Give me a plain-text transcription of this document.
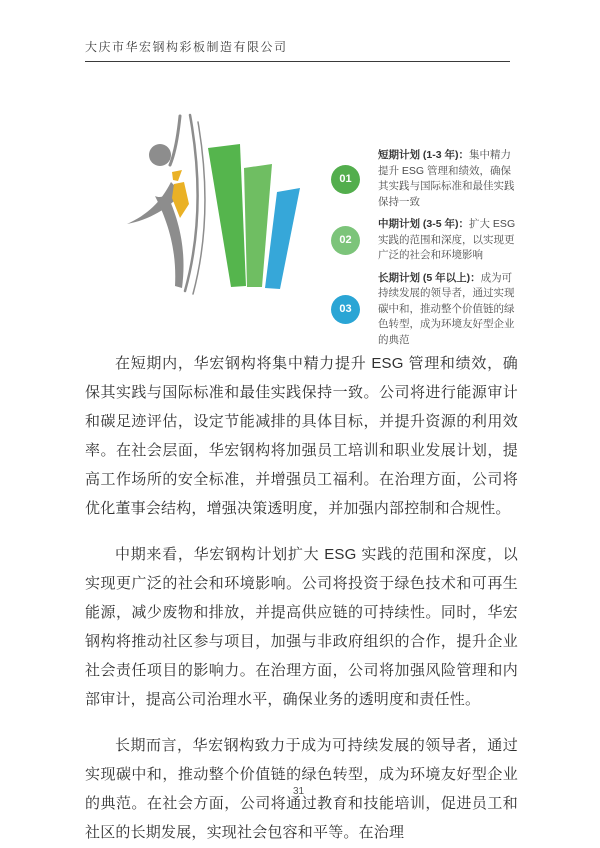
大庆市华宏钢构彩板制造有限公司
01

短期计划 (1-3 年)：集中精力提升 ESG 管理和绩效，确保其实践与国际标准和最佳实践保持一致

02

中期计划 (3-5 年)：扩大 ESG 实践的范围和深度，以实现更广泛的社会和环境影响

03

长期计划 (5 年以上)：成为可持续发展的领导者，通过实现碳中和，推动整个价值链的绿色转型，成为环境友好型企业的典范

在短期内，华宏钢构将集中精力提升 ESG 管理和绩效，确保其实践与国际标准和最佳实践保持一致。公司将进行能源审计和碳足迹评估，设定节能减排的具体目标，并提升资源的利用效率。在社会层面，华宏钢构将加强员工培训和职业发展计划，提高工作场所的安全标准，并增强员工福利。在治理方面，公司将优化董事会结构，增强决策透明度，并加强内部控制和合规性。

中期来看，华宏钢构计划扩大 ESG 实践的范围和深度，以实现更广泛的社会和环境影响。公司将投资于绿色技术和可再生能源，减少废物和排放，并提高供应链的可持续性。同时，华宏钢构将推动社区参与项目，加强与非政府组织的合作，提升企业社会责任项目的影响力。在治理方面，公司将加强风险管理和内部审计，提高公司治理水平，确保业务的透明度和责任性。

长期而言，华宏钢构致力于成为可持续发展的领导者，通过实现碳中和，推动整个价值链的绿色转型，成为环境友好型企业的典范。在社会方面，公司将通过教育和技能培训，促进员工和社区的长期发展，实现社会包容和平等。在治理

31
